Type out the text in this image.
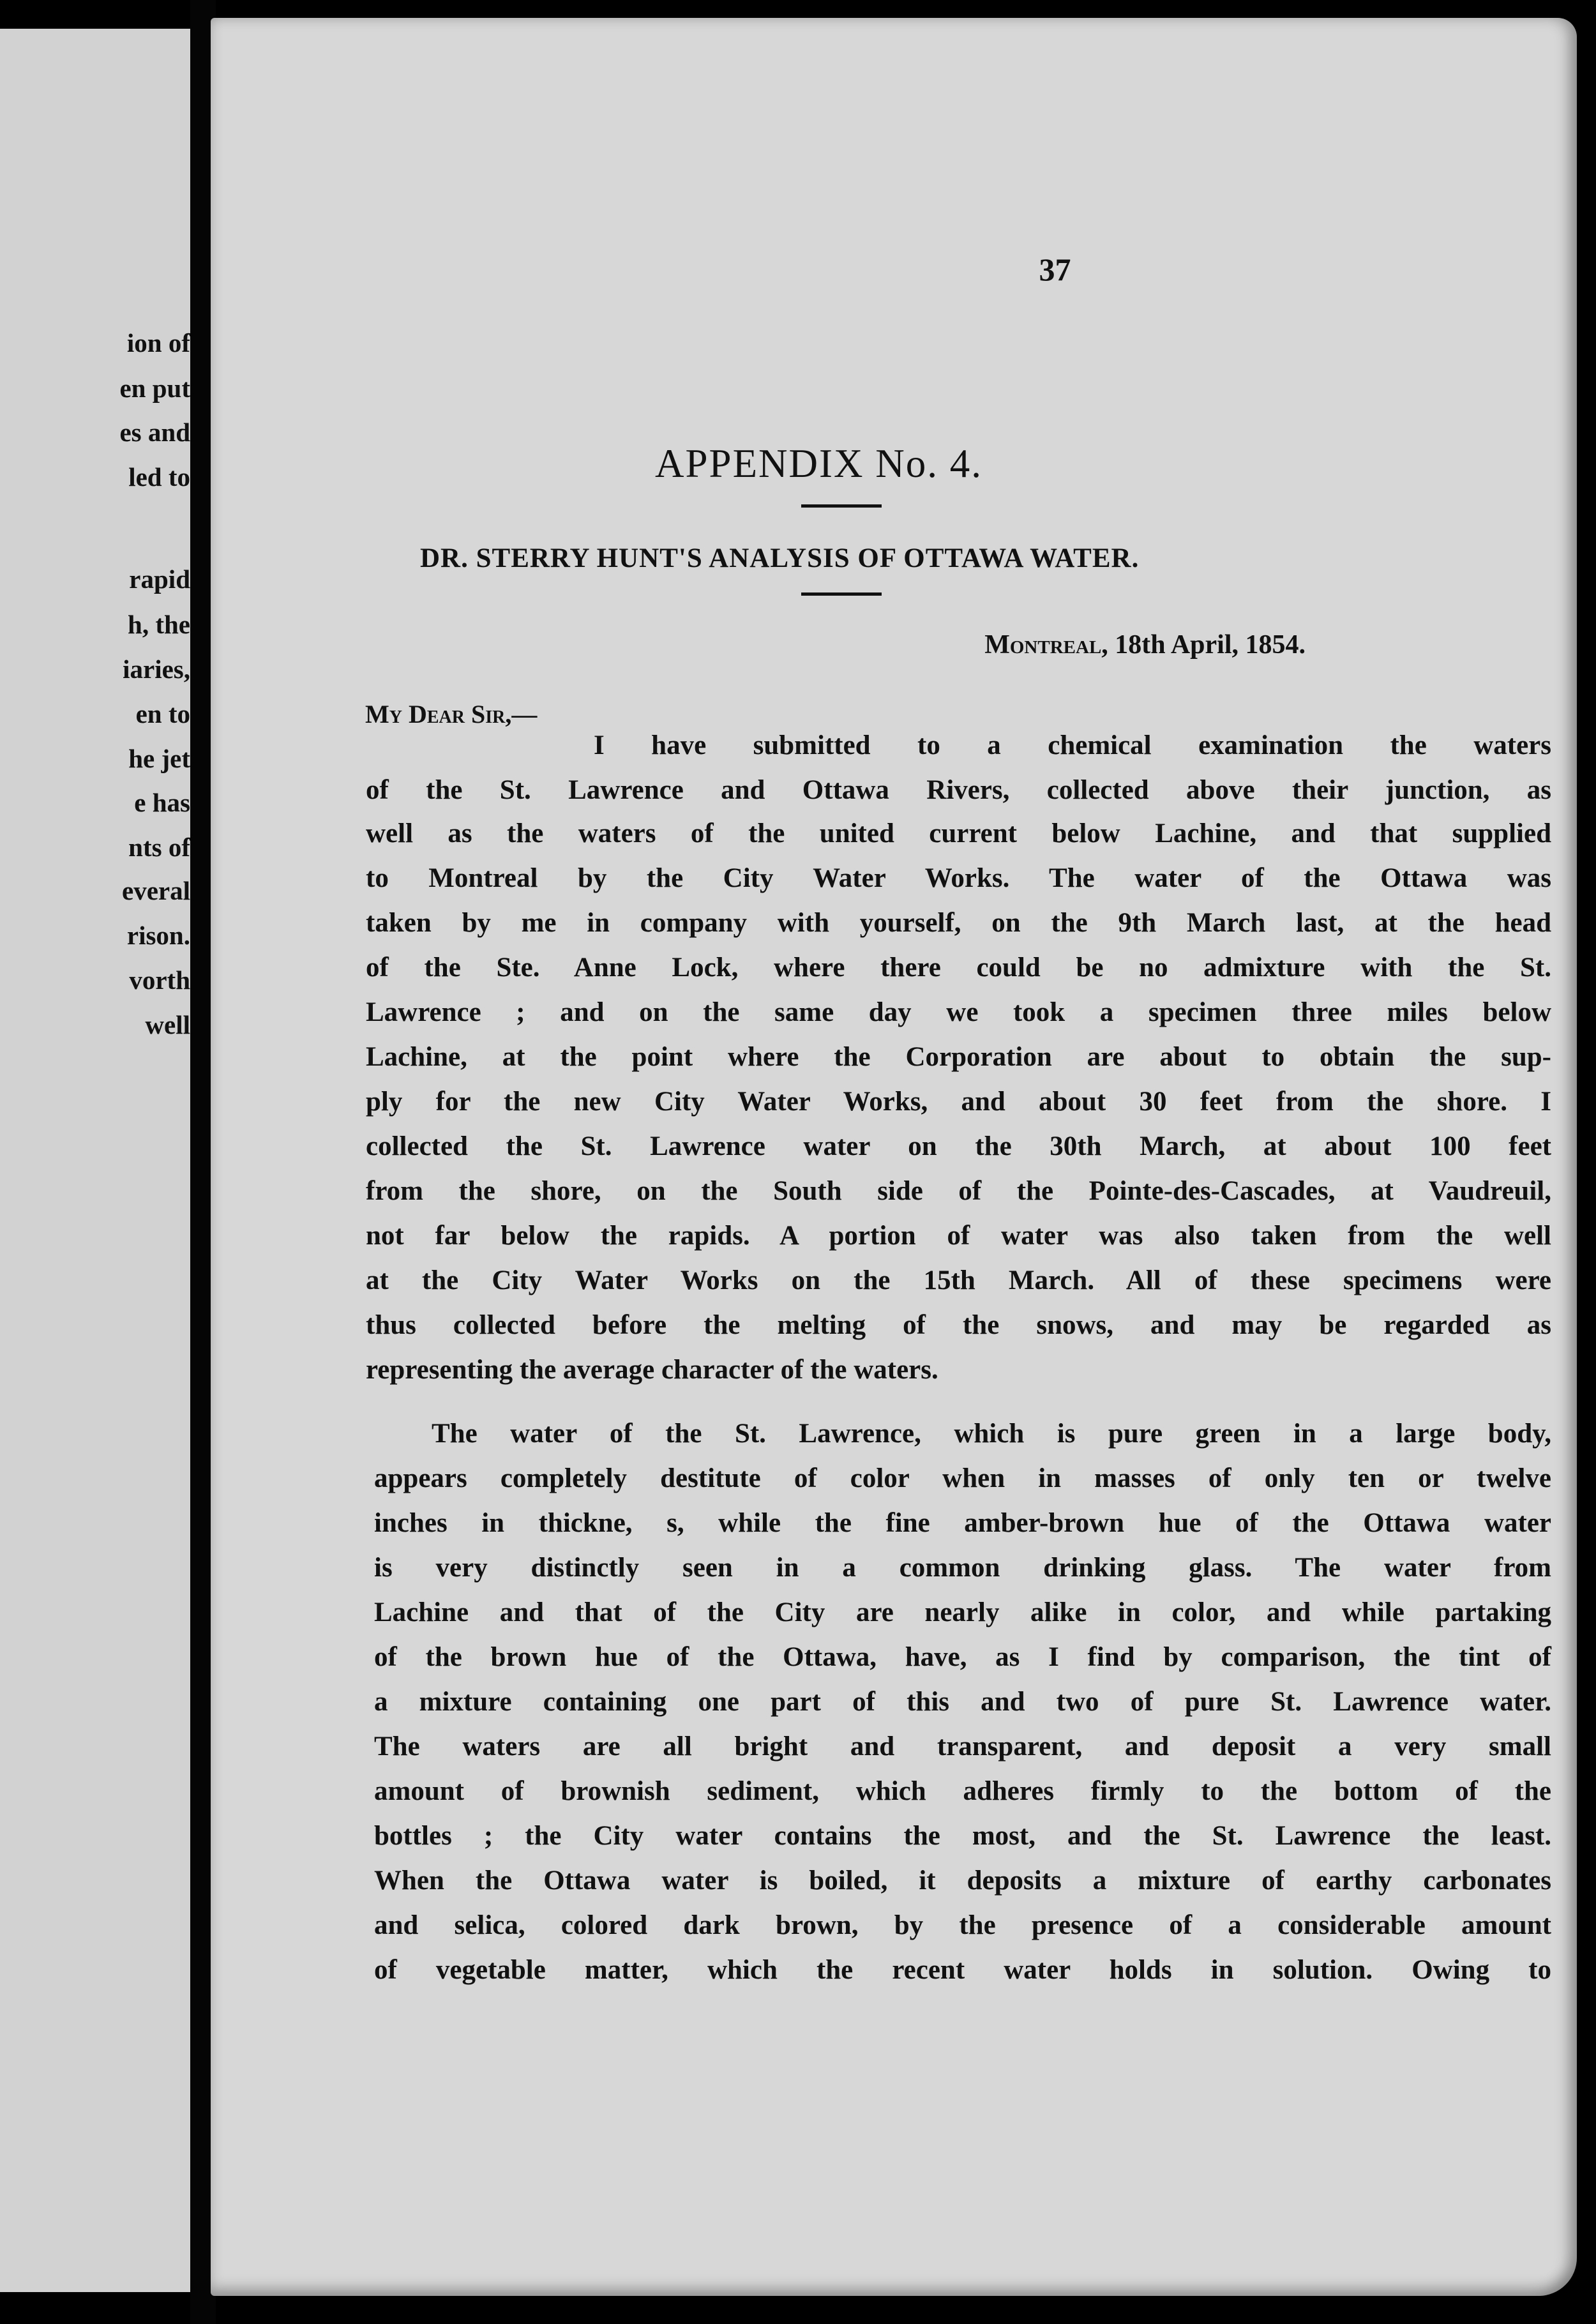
ion of
en put
es and
led to
rapid
h, the
iaries,
en to
he jet
e has
nts of
everal
rison.
vorth
well
37
APPENDIX No. 4.
DR. STERRY HUNT'S ANALYSIS OF OTTAWA WATER.
Montreal, 18th April, 1854.
My Dear Sir,—
I have submitted to a chemical examination the waters
of the St. Lawrence and Ottawa Rivers, collected above their junction, as
well as the waters of the united current below Lachine, and that supplied
to Montreal by the City Water Works. The water of the Ottawa was
taken by me in company with yourself, on the 9th March last, at the head
of the Ste. Anne Lock, where there could be no admixture with the St.
Lawrence ; and on the same day we took a specimen three miles below
Lachine, at the point where the Corporation are about to obtain the sup-
ply for the new City Water Works, and about 30 feet from the shore. I
collected the St. Lawrence water on the 30th March, at about 100 feet
from the shore, on the South side of the Pointe-des-Cascades, at Vaudreuil,
not far below the rapids. A portion of water was also taken from the well
at the City Water Works on the 15th March. All of these specimens were
thus collected before the melting of the snows, and may be regarded as
representing the average character of the waters.
The water of the St. Lawrence, which is pure green in a large body,
appears completely destitute of color when in masses of only ten or twelve
inches in thickne, s, while the fine amber-brown hue of the Ottawa water
is very distinctly seen in a common drinking glass. The water from
Lachine and that of the City are nearly alike in color, and while partaking
of the brown hue of the Ottawa, have, as I find by comparison, the tint of
a mixture containing one part of this and two of pure St. Lawrence water.
The waters are all bright and transparent, and deposit a very small
amount of brownish sediment, which adheres firmly to the bottom of the
bottles ; the City water contains the most, and the St. Lawrence the least.
When the Ottawa water is boiled, it deposits a mixture of earthy carbonates
and selica, colored dark brown, by the presence of a considerable amount
of vegetable matter, which the recent water holds in solution. Owing to
